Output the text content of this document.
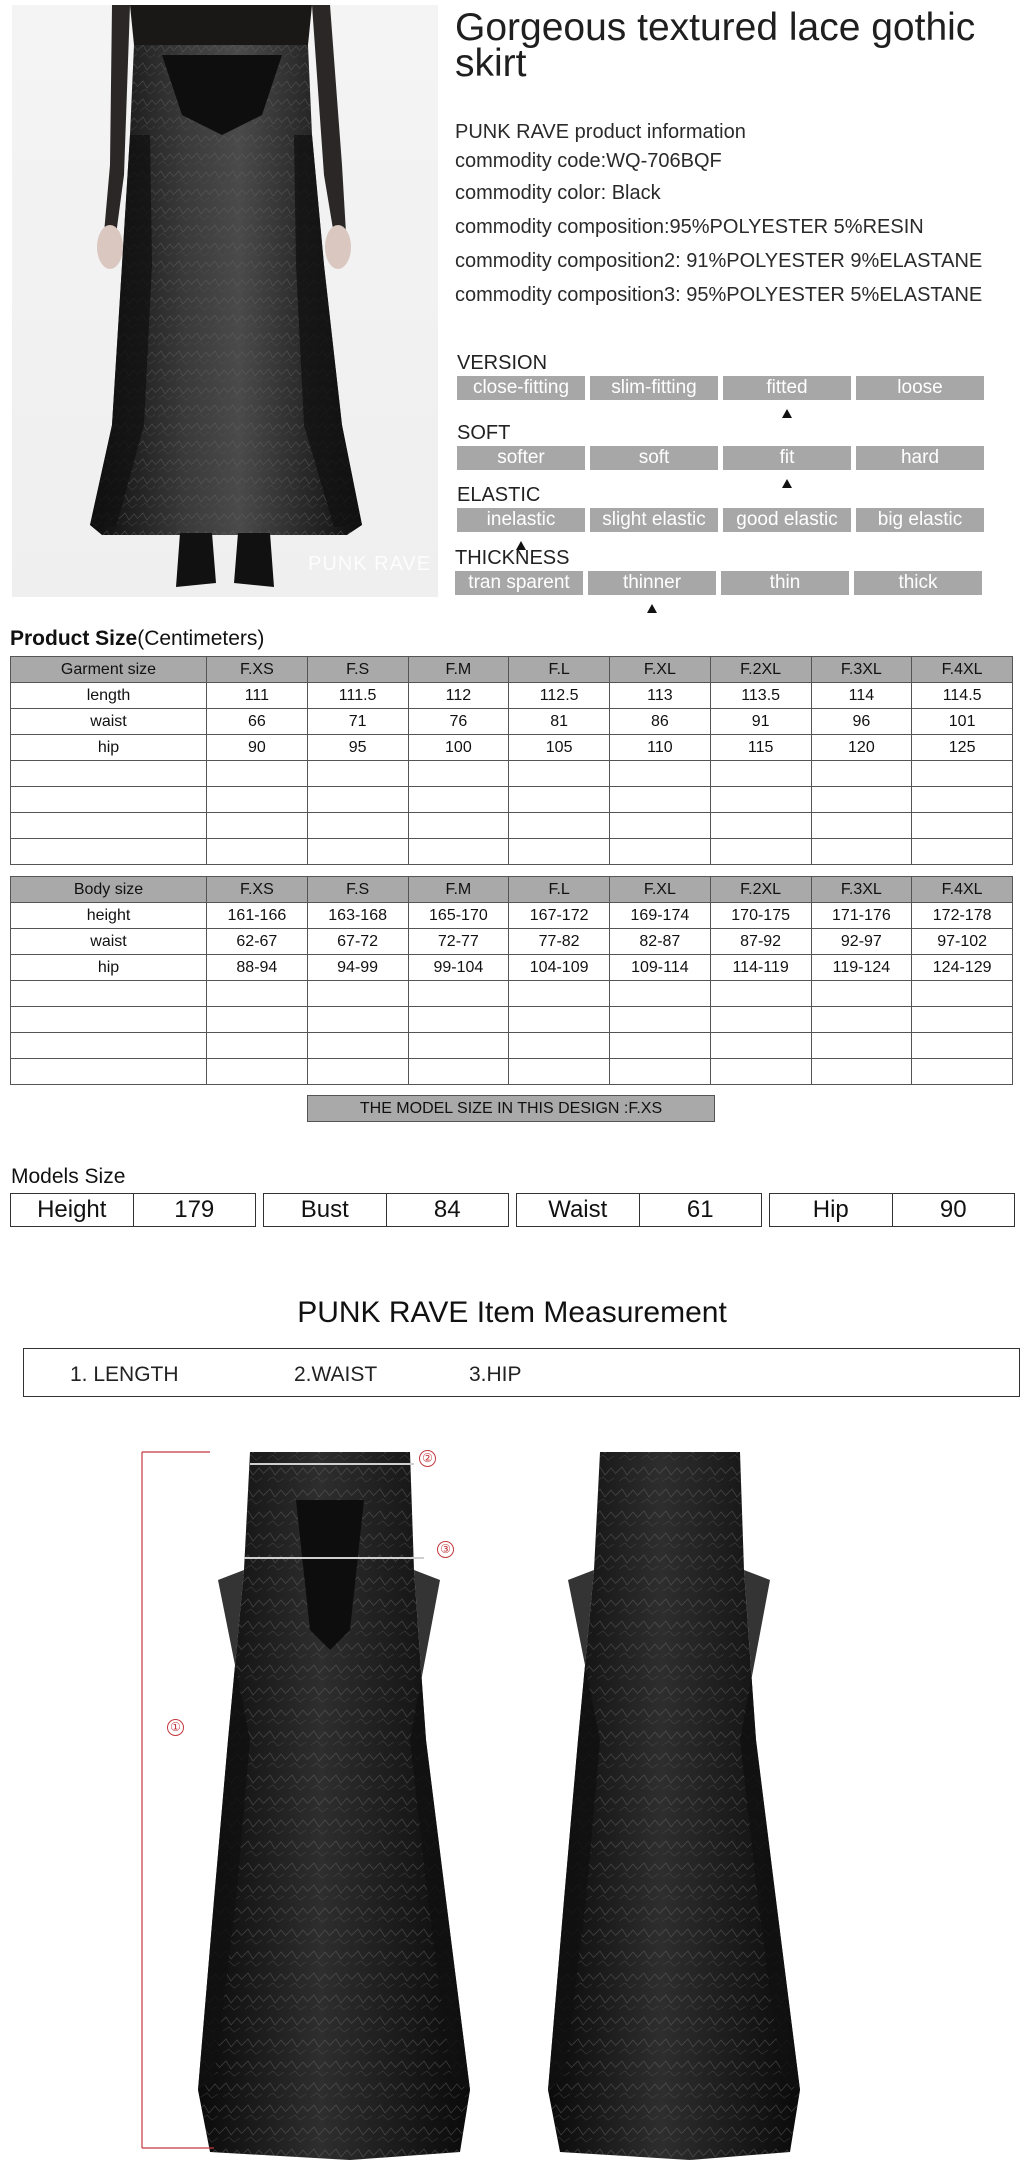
PUNK RAVE
Gorgeous textured lace gothic skirt
PUNK RAVE product information
commodity code:WQ-706BQF
commodity color: Black
commodity composition:95%POLYESTER 5%RESIN
commodity composition2: 91%POLYESTER 9%ELASTANE
commodity composition3: 95%POLYESTER 5%ELASTANE
VERSION
close-fitting	slim-fitting	fitted	loose
SOFT
softer	soft	fit	hard
ELASTIC
inelastic	slight elastic	good elastic	big elastic
THICKNESS
tran sparent	thinner	thin	thick
Product Size(Centimeters)
Garment size	F.XS	F.S	F.M	F.L	F.XL	F.2XL	F.3XL	F.4XL
length	111	111.5	112	112.5	113	113.5	114	114.5
waist	66	71	76	81	86	91	96	101
hip	90	95	100	105	110	115	120	125

Body size	F.XS	F.S	F.M	F.L	F.XL	F.2XL	F.3XL	F.4XL
height	161-166	163-168	165-170	167-172	169-174	170-175	171-176	172-178
waist	62-67	67-72	72-77	77-82	82-87	87-92	92-97	97-102
hip	88-94	94-99	99-104	104-109	109-114	114-119	119-124	124-129

THE MODEL SIZE IN THIS DESIGN :F.XS
Models Size
Height	179	Bust	84	Waist	61	Hip	90
PUNK RAVE Item Measurement
1. LENGTH	2.WAIST	3.HIP
①
②
③
